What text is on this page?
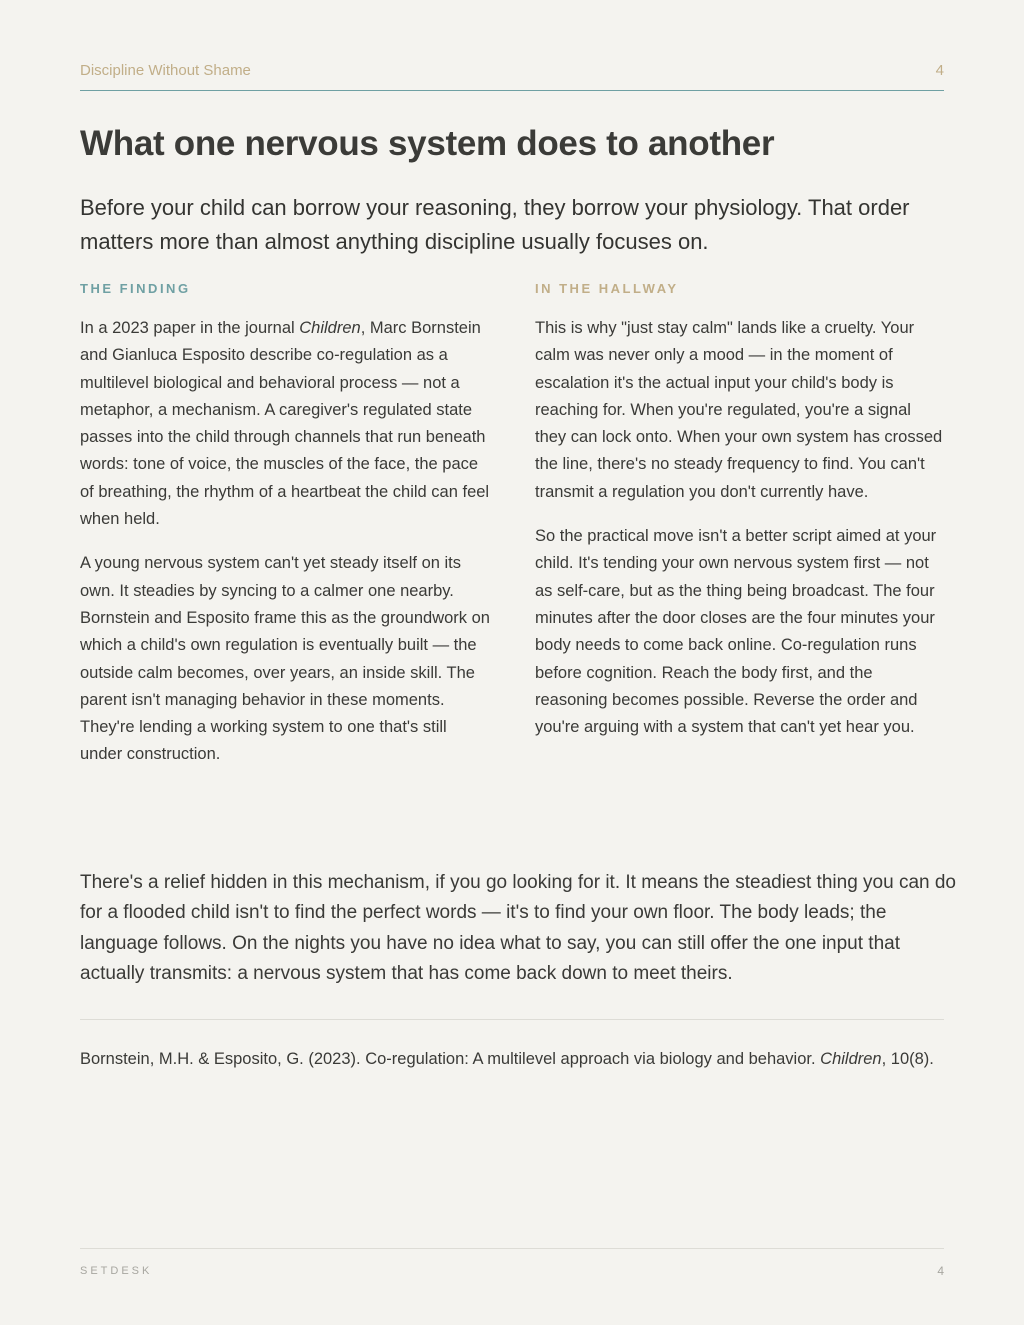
Discipline Without Shame	4
What one nervous system does to another

Before your child can borrow your reasoning, they borrow your physiology. That order matters more than almost anything discipline usually focuses on.

THE FINDING

In a 2023 paper in the journal Children, Marc Bornstein and Gianluca Esposito describe co-regulation as a multilevel biological and behavioral process — not a metaphor, a mechanism. A caregiver's regulated state passes into the child through channels that run beneath words: tone of voice, the muscles of the face, the pace of breathing, the rhythm of a heartbeat the child can feel when held.

A young nervous system can't yet steady itself on its own. It steadies by syncing to a calmer one nearby. Bornstein and Esposito frame this as the groundwork on which a child's own regulation is eventually built — the outside calm becomes, over years, an inside skill. The parent isn't managing behavior in these moments. They're lending a working system to one that's still under construction.

IN THE HALLWAY

This is why "just stay calm" lands like a cruelty. Your calm was never only a mood — in the moment of escalation it's the actual input your child's body is reaching for. When you're regulated, you're a signal they can lock onto. When your own system has crossed the line, there's no steady frequency to find. You can't transmit a regulation you don't currently have.

So the practical move isn't a better script aimed at your child. It's tending your own nervous system first — not as self-care, but as the thing being broadcast. The four minutes after the door closes are the four minutes your body needs to come back online. Co-regulation runs before cognition. Reach the body first, and the reasoning becomes possible. Reverse the order and you're arguing with a system that can't yet hear you.

There's a relief hidden in this mechanism, if you go looking for it. It means the steadiest thing you can do for a flooded child isn't to find the perfect words — it's to find your own floor. The body leads; the language follows. On the nights you have no idea what to say, you can still offer the one input that actually transmits: a nervous system that has come back down to meet theirs.

Bornstein, M.H. & Esposito, G. (2023). Co-regulation: A multilevel approach via biology and behavior. Children, 10(8).

SETDESK	4
